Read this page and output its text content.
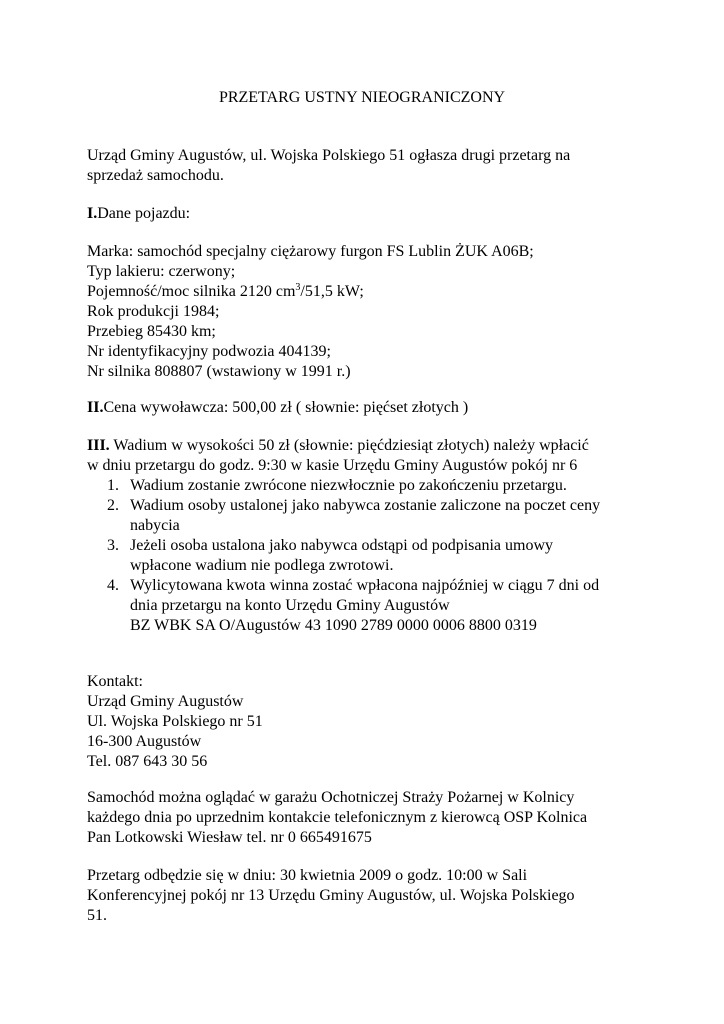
PRZETARG USTNY NIEOGRANICZONY
Urząd Gminy Augustów, ul. Wojska Polskiego 51 ogłasza drugi przetarg na
sprzedaż samochodu.
I.Dane pojazdu:
Marka: samochód specjalny ciężarowy furgon FS Lublin ŻUK A06B;
Typ lakieru: czerwony;
Pojemność/moc silnika 2120 $cm^3/51,5$ kW;
Rok produkcji 1984;
Przebieg 85430 km;
Nr identyfikacyjny podwozia 404139;
Nr silnika 808807 (wstawiony w 1991 r.)
II.Cena wywoławcza: 500,00 zł ( słownie: pięćset złotych )
III. Wadium w wysokości 50 zł (słownie: pięćdziesiąt złotych) należy wpłacić
w dniu przetargu do godz. 9:30 w kasie Urzędu Gminy Augustów pokój nr 6
1. Wadium zostanie zwrócone niezwłocznie po zakończeniu przetargu.
2. Wadium osoby ustalonej jako nabywca zostanie zaliczone na poczet ceny
nabycia
3. Jeżeli osoba ustalona jako nabywca odstąpi od podpisania umowy
wpłacone wadium nie podlega zwrotowi.
4. Wylicytowana kwota winna zostać wpłacona najpóźniej w ciągu 7 dni od
dnia przetargu na konto Urzędu Gminy Augustów
BZ WBK SA O/Augustów 43 1090 2789 0000 0006 8800 0319
Kontakt:
Urząd Gminy Augustów
Ul. Wojska Polskiego nr 51
16-300 Augustów
Tel. 087 643 30 56
Samochód można oglądać w garażu Ochotniczej Straży Pożarnej w Kolnicy
każdego dnia po uprzednim kontakcie telefonicznym z kierowcą OSP Kolnica
Pan Lotkowski Wiesław tel. nr 0 665491675
Przetarg odbędzie się w dniu: 30 kwietnia 2009 o godz. 10:00 w Sali
Konferencyjnej pokój nr 13 Urzędu Gminy Augustów, ul. Wojska Polskiego
51.
